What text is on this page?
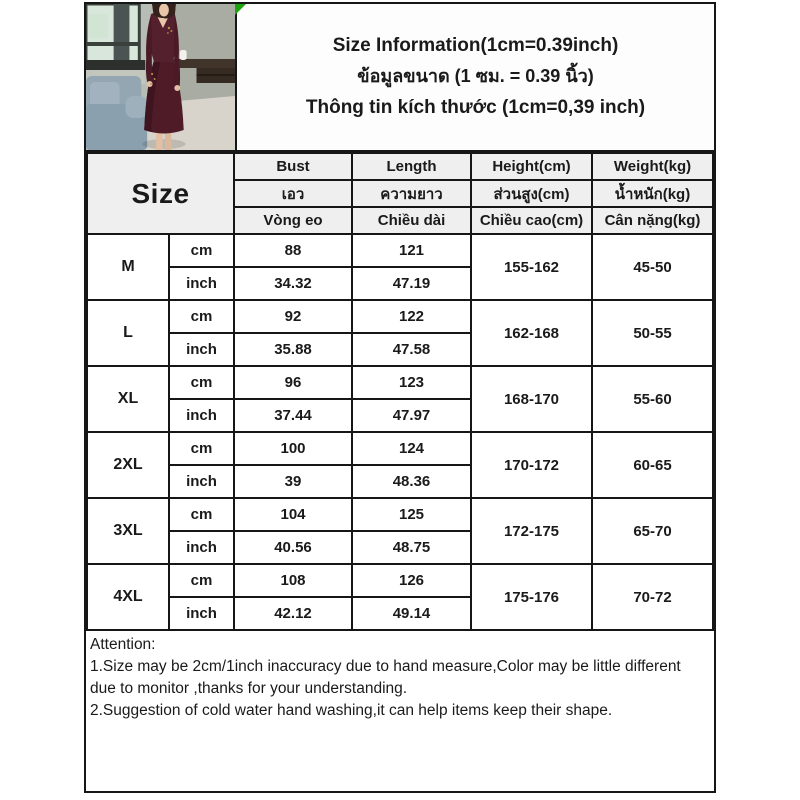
Size Information(1cm=0.39inch)
ข้อมูลขนาด (1 ซม. = 0.39 นิ้ว)
Thông tin kích thước (1cm=0,39 inch)
Size		Bust	Length	Height(cm)	Weight(kg)
		เอว	ความยาว	ส่วนสูง(cm)	น้ำหนัก(kg)
		Vòng eo	Chiều dài	Chiều cao(cm)	Cân nặng(kg)
M	cm	88	121	155-162	45-50
	inch	34.32	47.19		
L	cm	92	122	162-168	50-55
	inch	35.88	47.58		
XL	cm	96	123	168-170	55-60
	inch	37.44	47.97		
2XL	cm	100	124	170-172	60-65
	inch	39	48.36		
3XL	cm	104	125	172-175	65-70
	inch	40.56	48.75		
4XL	cm	108	126	175-176	70-72
	inch	42.12	49.14		

Attention:

1.Size may be 2cm/1inch inaccuracy due to hand measure,Color may be little different due to monitor ,thanks for your understanding.

2.Suggestion of cold water hand washing,it can help items keep their shape.
